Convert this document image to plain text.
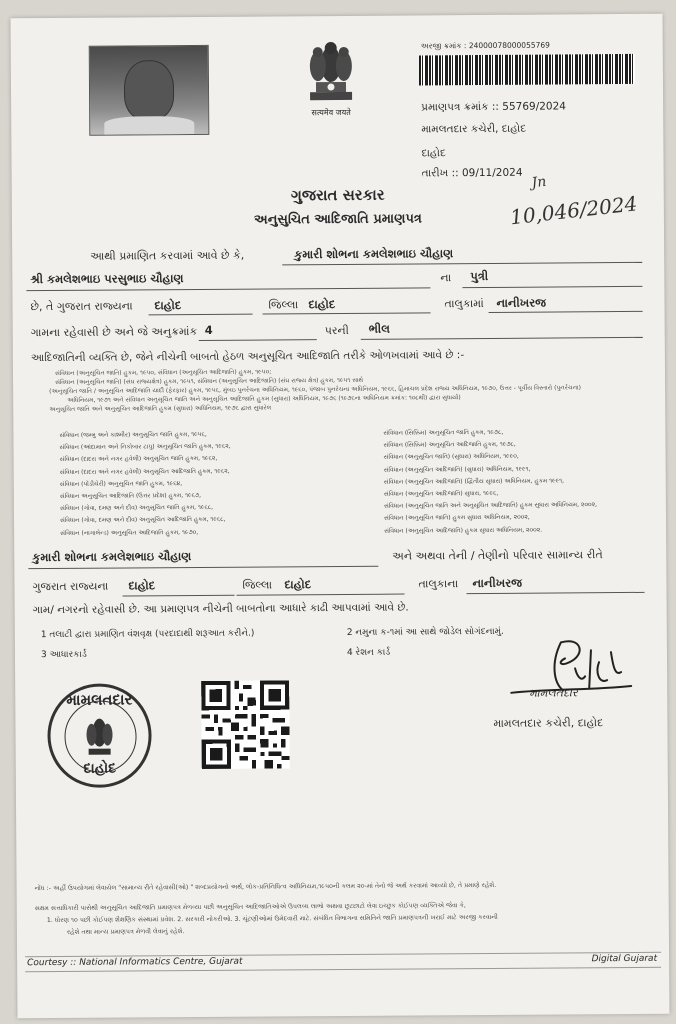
सत्यमेव जयते
અરજી ક્રમાંક : 24000078000055769
પ્રમાણપત્ર ક્રમાંક :: 55769/2024
મામલતદાર કચેરી, દાહોદ
દાહોદ
તારીખ :: 09/11/2024
Jn
10,046/2024
ગુજરાત સરકાર
અનુસુચિત આદિજાતિ પ્રમાણપત્ર
આથી પ્રમાણિત કરવામાં આવે છે કે,	કુમારી શોભના કમલેશભાઇ ચૌહાણ
શ્રી કમલેશભાઇ પરસુભાઇ ચૌહાણ	ના પુત્રી
છે, તે ગુજરાત રાજ્યના દાહોદ	જિલ્લા દાહોદ	તાલુકામાં નાનીખરજ
ગામના રહેવાસી છે અને જે અનુક્રમાંક 4	પરની ભીલ
આદિજાતિની વ્યક્તિ છે, જેને નીચેની બાબતો હેઠળ અનુસૂચિત આદિજાતિ તરીકે ઓળખવામાં આવે છે :-
સંવિધાન (અનુસૂચિત જાતિ) હુકમ, ૧૯૫૦, સંવિધાન (અનુસૂચિત આદિજાતિ) હુકમ, ૧૯૫૦;
સંવિધાન (અનુસૂચિત જાતિ) (સંઘ રાજ્યક્ષેત્ર) હુકમ, ૧૯૫૧, સંવિધાન (અનુસૂચિત આદિજાતિ) (સંઘ રાજ્ય ક્ષેત્ર) હુકમ, ૧૯૫૧ સાથે
(અનુસૂચિત જાતિ / અનુસૂચિત આદિજાતિ યાદી (ફેરફાર) હુકમ, ૧૯૫૬, મુંબઇ પુનર્રચના અધિનિયમ, ૧૯૬૦, પંજાબ પુનર્રચના અધિનિયમ, ૧૯૬૬, હિમાચલ પ્રદેશ રાજ્ય અધિનિયમ, ૧૯૭૦, ઉત્તર - પૂર્વીય વિસ્તારો (પુનર્રચના)
અધિનિયમ, ૧૯૭૧ અને સંવિધાન અનુસૂચિત જાતિ અને અનુસૂચિત આદિજાતિ હુકમ (સુધારા) અધિનિયમ, ૧૯૭૬ (૧૯૭૬ના અધિનિયમ ક્રમાંક: ૧૦૮થી) દ્વારા સુધાર્યા)
અનુસૂચિત જાતિ અને અનુસૂચિત આદિજાતિ હુકમ (સુધારા) અધિનિયમ, ૧૯૭૬ દ્વારા સુધારેલ
સંવિધાન (જમ્મુ અને કાશ્મીર) અનુસૂચિત જાતિ હુકમ, ૧૯૫૬,
સંવિધાન (આંદામાન અને નિકોબાર ટાપુ) અનુસૂચિત જાતિ હુકમ, ૧૯૬૨,
સંવિધાન (દાદરા અને નગર હવેલી) અનુસૂચિત જાતિ હુકમ, ૧૯૬૨,
સંવિધાન (દાદરા અને નગર હવેલી) અનુસૂચિત આદિજાતિ હુકમ, ૧૯૬૨,
સંવિધાન (પોંડીચેરી) અનુસૂચિત જાતિ હુકમ, ૧૯૬૪,
સંવિધાન અનુસૂચિત આદિજાતિ (ઉત્તર પ્રદેશ) હુકમ, ૧૯૬૭,
સંવિધાન (ગોવા, દમણ અને દીવ) અનુસૂચિત જાતિ હુકમ, ૧૯૬૮,
સંવિધાન (ગોવા, દમણ અને દીવ) અનુસૂચિત આદિજાતિ હુકમ, ૧૯૬૮,
સંવિધાન (નાગાલેન્ડ) અનુસૂચિત આદિજાતિ હુકમ, ૧૯૭૦,
સંવિધાન (સિક્કિમ) અનુસૂચિત જાતિ હુકમ, ૧૯૭૮,
સંવિધાન (સિક્કિમ) અનુસૂચિત આદિજાતિ હુકમ, ૧૯૭૮,
સંવિધાન (અનુસૂચિત જાતિ) (સુધારા) અધિનિયમ, ૧૯૯૦,
સંવિધાન (અનુસૂચિત આદિજાતિ) (સુધારા) અધિનિયમ, ૧૯૯૧,
સંવિધાન (અનુસૂચિત આદિજાતિ) (દ્વિતીય સુધારા) અધિનિયમ, હુકમ ૧૯૯૧,
સંવિધાન (અનુસૂચિત આદિજાતિ) સુધારા, ૧૯૯૬,
સંવિધાન (અનુસૂચિત જાતિ અને અનુસૂચિત આદિજાતિ) હુકમ સુધારા અધિનિયમ, ૨૦૦૨,
સંવિધાન (અનુસૂચિત જાતિ) હુકમ સુધારા અધિનિયમ, ૨૦૦૨,
સંવિધાન (અનુસૂચિત આદિજાતિ) હુકમ સુધારા અધિનિયમ, ૨૦૦૨.
કુમારી શોભના કમલેશભાઇ ચૌહાણ	અને અથવા તેની / તેણીનો પરિવાર સામાન્ય રીતે
ગુજરાત રાજ્યના દાહોદ	જિલ્લા દાહોદ	તાલુકાના નાનીખરજ
ગામ/ નગરનો રહેવાસી છે. આ પ્રમાણપત્ર નીચેની બાબતોના આધારે કાઢી આપવામાં આવે છે.
1 તલાટી દ્વારા પ્રમાણિત વંશવૃક્ષ (પરદાદાથી શરૂઆત કરીને.)	2 નમુના ક-૧માં આ સાથે જોડેલ સોગંદનામું.
3 આધારકાર્ડ	4 રેશન કાર્ડ
મામલતદાર
દાહોદ
મામલતદાર
મામલતદાર કચેરી, દાહોદ
નોંધ :- અહીં ઉપયોગમાં લેવાયેલ "સામાન્ય રીતે રહેવાસી(ઓ) " શબ્દપ્રયોગનો અર્થ, લોક-પ્રતિનિધિત્વ અધિનિયમ,૧૯૫૦ની કલમ ૨૦-માં તેનો જે અર્થ કરવામાં આવ્યો છે, તે પ્રમાણે રહેશે.
સક્ષમ સત્તાધિકારી પાસેથી અનુસૂચિત આદિજાતિ પ્રમાણપત્ર મેળવ્યા પછી અનુસૂચિત આદિજાતિઓએ ઉપલબ્ધ લાભો અથવા છૂટછાટો લેવા ઇચ્છુક કોઈપણ વ્યક્તિએ જેવા કે,
1. ધોરણ ૧૦ પછી કોઈપણ શૈક્ષણિક સંસ્થામાં પ્રવેશ. 2. સરકારી નોકરીઓ. 3. ચૂંટણીઓમાં ઉમેદવારી માટે. સંબંધિત વિભાગના સમિતિને જાતિ પ્રમાણપત્રની ખરાઈ માટે અરજી કરવાની
રહેશે તથા માન્ય પ્રમાણપત્ર મેળવી લેવાનું રહેશે.
Courtesy :: National Informatics Centre, Gujarat	Digital Gujarat
